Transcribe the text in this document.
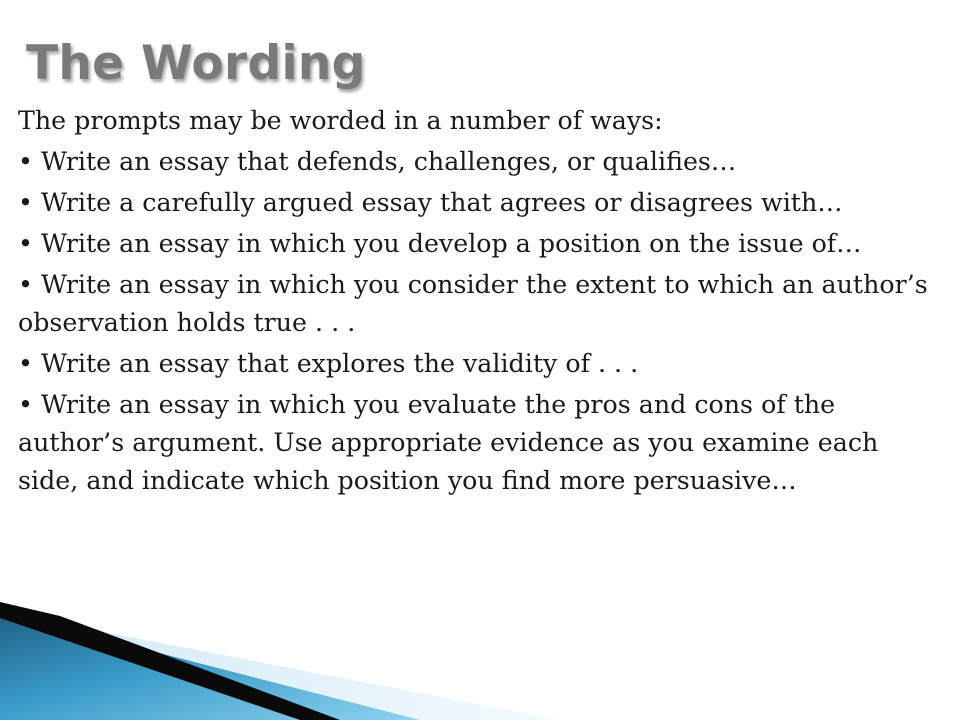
The Wording

The prompts may be worded in a number of ways:

• Write an essay that defends, challenges, or qualifies…

• Write a carefully argued essay that agrees or disagrees with…

• Write an essay in which you develop a position on the issue of…

• Write an essay in which you consider the extent to which an author’s observation holds true . . .

• Write an essay that explores the validity of . . .

• Write an essay in which you evaluate the pros and cons of the author’s argument. Use appropriate evidence as you examine each side, and indicate which position you find more persuasive…
